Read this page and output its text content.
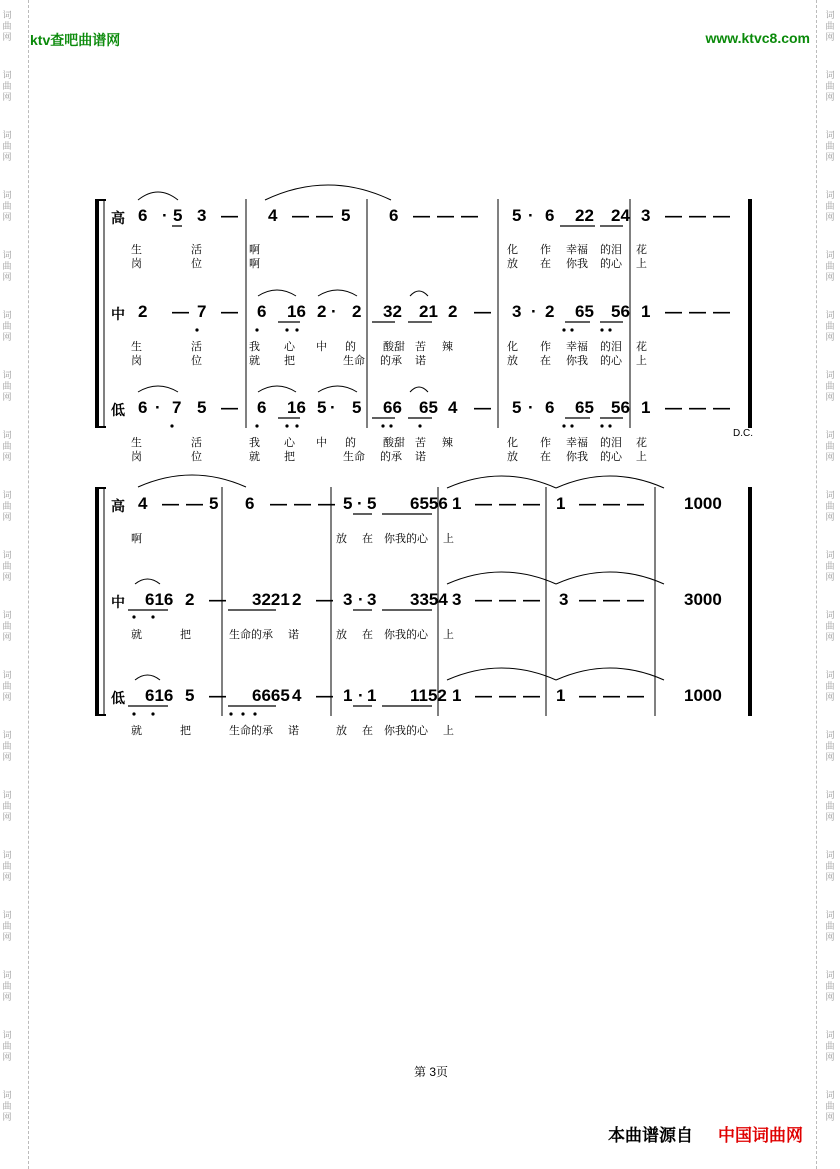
词
曲
网
词
曲
网
词
曲
网
词
曲
网
词
曲
网
词
曲
网
词
曲
网
词
曲
网
词
曲
网
词
曲
网
词
曲
网
词
曲
网
词
曲
网
词
曲
网
词
曲
网
词
曲
网
词
曲
网
词
曲
网
词
曲
网
词
曲
网
词
曲
网
词
曲
网
词
曲
网
词
曲
网
词
曲
网
词
曲
网
词
曲
网
词
曲
网
词
曲
网
词
曲
网
词
曲
网
词
曲
网
词
曲
网
词
曲
网
词
曲
网
词
曲
网
词
曲
网
词
曲
网
ktv查吧曲谱网	www.ktvc8.com
6 · 5 3 — 4 — — 5 6 — — — 5 · 6 22 24 3 — — —
2 — 7 — 6 16 2 · 2 32 21 2 — 3 · 2 65 56 1 — — —
6 · 7 5 — 6 16 5 · 5 66 65 4 — 5 · 6 65 56 1 — — —
4 — — 5 6 — — — 5 · 5 6556 1 — — — 1 — — — 1000
616 2 — 3221 2 — 3 · 3 3354 3 — — — 3 — — — 3000
616 5 — 6665 4 — 1 · 1 1152 1 — — — 1 — — — 1000
高
高
中
中
低
低
生	活	啊	化 作 幸福 的泪 花
岗	位	啊	放 在 你我 的心 上
生	活	我 心 中 的 酸甜 苦 辣	化 作 幸福 的泪 花
岗	位	就 把	生命 的承 诺	放 在 你我 的心 上
生	活	我 心 中 的 酸甜 苦 辣	化 作 幸福 的泪 花
岗	位	就 把	生命 的承 诺	放 在 你我 的心 上
D.C.
啊	放 在 你我的心 上
就	把	生命的承 诺	放 在 你我的心 上
就	把	生命的承 诺	放 在 你我的心 上
第 3页
本曲谱源自 中国词曲网
